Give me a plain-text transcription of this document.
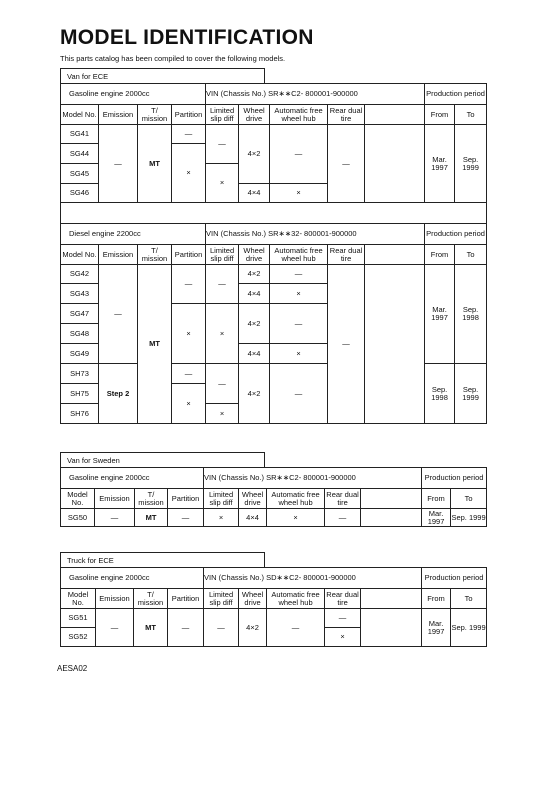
MODEL IDENTIFICATION
This parts catalog has been compiled to cover the following models.
Van for ECE
Gasoline engine 2000cc				VIN (Chassis No.) SR∗∗C2- 800001-900000					Production period	
Model No.	Emission	T/ mission	Partition	Limited slip diff	Wheel drive	Automatic free wheel hub	Rear dual tire		From	To
SG41	—	MT	—	—	4×2	—	—		Mar. 1997	Sep. 1999
SG44			×							
SG45				×						
SG46					4×4	×				

Diesel engine 2200cc				VIN (Chassis No.) SR∗∗32- 800001-900000					Production period	
Model No.	Emission	T/ mission	Partition	Limited slip diff	Wheel drive	Automatic free wheel hub	Rear dual tire		From	To
SG42	—	MT	—	—	4×2	—	—		Mar. 1997	Sep. 1998
SG43					4×4	×				
SG47			×	×	4×2	—				
SG48										
SG49					4×4	×				
SH73	Step 2		—	—	4×2	—			Sep. 1998	Sep. 1999
SH75			×							
SH76				×						
Van for Sweden
Gasoline engine 2000cc				VIN (Chassis No.) SR∗∗C2- 800001-900000					Production period	
Model No.	Emission	T/ mission	Partition	Limited slip diff	Wheel drive	Automatic free wheel hub	Rear dual tire		From	To
SG50	—	MT	—	×	4×4	×	—		Mar. 1997	Sep. 1999
Truck for ECE
Gasoline engine 2000cc				VIN (Chassis No.) SD∗∗C2- 800001-900000					Production period	
Model No.	Emission	T/ mission	Partition	Limited slip diff	Wheel drive	Automatic free wheel hub	Rear dual tire		From	To
SG51	—	MT	—	—	4×2	—	—		Mar. 1997	Sep. 1999
SG52							×			
AESA02
